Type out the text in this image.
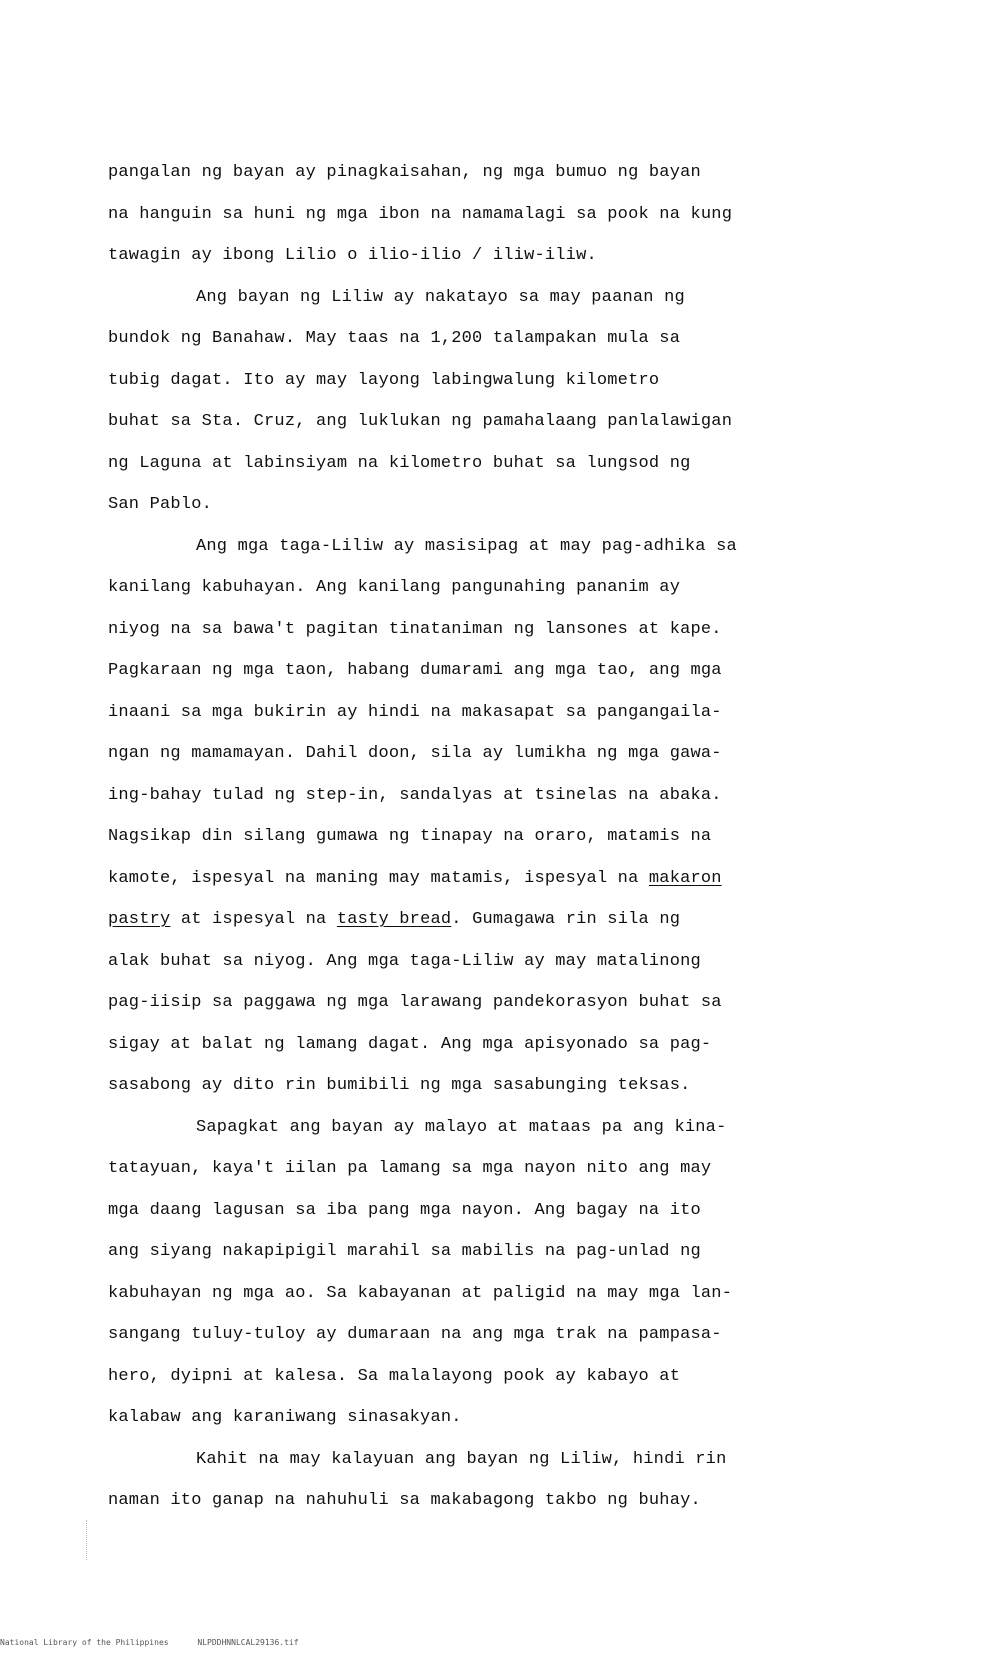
pangalan ng bayan ay pinagkaisahan, ng mga bumuo ng bayan
na hanguin sa huni ng mga ibon na namamalagi sa pook na kung
tawagin ay ibong Lilio o ilio-ilio / iliw-iliw.
Ang bayan ng Liliw ay nakatayo sa may paanan ng
bundok ng Banahaw. May taas na 1,200 talampakan mula sa
tubig dagat. Ito ay may layong labingwalung kilometro
buhat sa Sta. Cruz, ang luklukan ng pamahalaang panlalawigan
ng Laguna at labinsiyam na kilometro buhat sa lungsod ng
San Pablo.
Ang mga taga-Liliw ay masisipag at may pag-adhika sa
kanilang kabuhayan. Ang kanilang pangunahing pananim ay
niyog na sa bawa't pagitan tinataniman ng lansones at kape.
Pagkaraan ng mga taon, habang dumarami ang mga tao, ang mga
inaani sa mga bukirin ay hindi na makasapat sa pangangaila-
ngan ng mamamayan. Dahil doon, sila ay lumikha ng mga gawa-
ing-bahay tulad ng step-in, sandalyas at tsinelas na abaka.
Nagsikap din silang gumawa ng tinapay na oraro, matamis na
kamote, ispesyal na maning may matamis, ispesyal na makaron
pastry at ispesyal na tasty bread. Gumagawa rin sila ng
alak buhat sa niyog. Ang mga taga-Liliw ay may matalinong
pag-iisip sa paggawa ng mga larawang pandekorasyon buhat sa
sigay at balat ng lamang dagat. Ang mga apisyonado sa pag-
sasabong ay dito rin bumibili ng mga sasabunging teksas.
Sapagkat ang bayan ay malayo at mataas pa ang kina-
tatayuan, kaya't iilan pa lamang sa mga nayon nito ang may
mga daang lagusan sa iba pang mga nayon. Ang bagay na ito
ang siyang nakapipigil marahil sa mabilis na pag-unlad ng
kabuhayan ng mga ao. Sa kabayanan at paligid na may mga lan-
sangang tuluy-tuloy ay dumaraan na ang mga trak na pampasa-
hero, dyipni at kalesa. Sa malalayong pook ay kabayo at
kalabaw ang karaniwang sinasakyan.
Kahit na may kalayuan ang bayan ng Liliw, hindi rin
naman ito ganap na nahuhuli sa makabagong takbo ng buhay.
National Library of the Philippines	NLPDDHNNLCAL29136.tif
